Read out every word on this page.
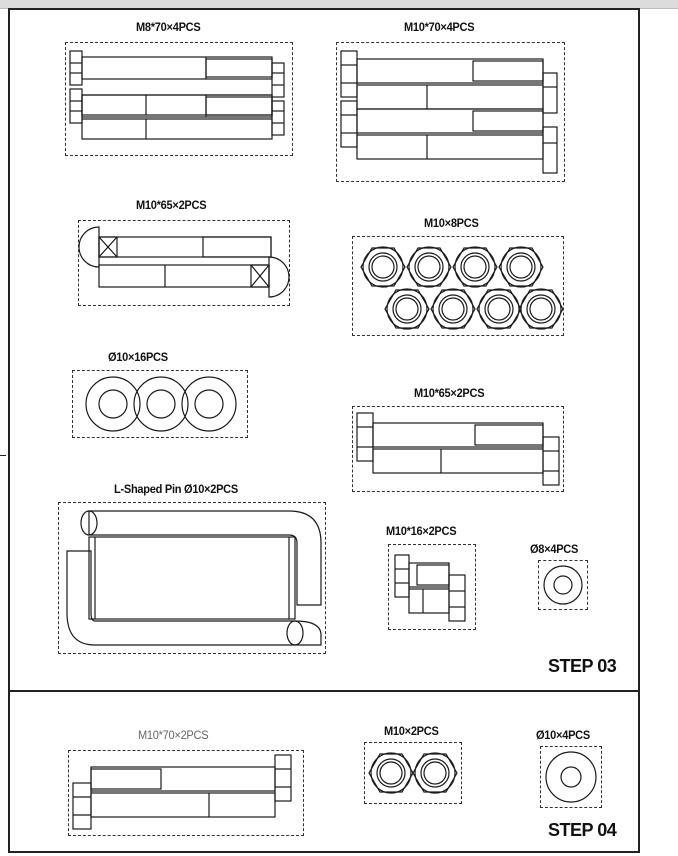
M8*70×4PCS	M10*70×4PCS
M10*65×2PCS
M10×8PCS
Ø10×16PCS
M10*65×2PCS
L-Shaped Pin Ø10×2PCS
M10*16×2PCS
Ø8×4PCS
STEP 03
M10*70×2PCS	M10×2PCS	Ø10×4PCS
STEP 04
